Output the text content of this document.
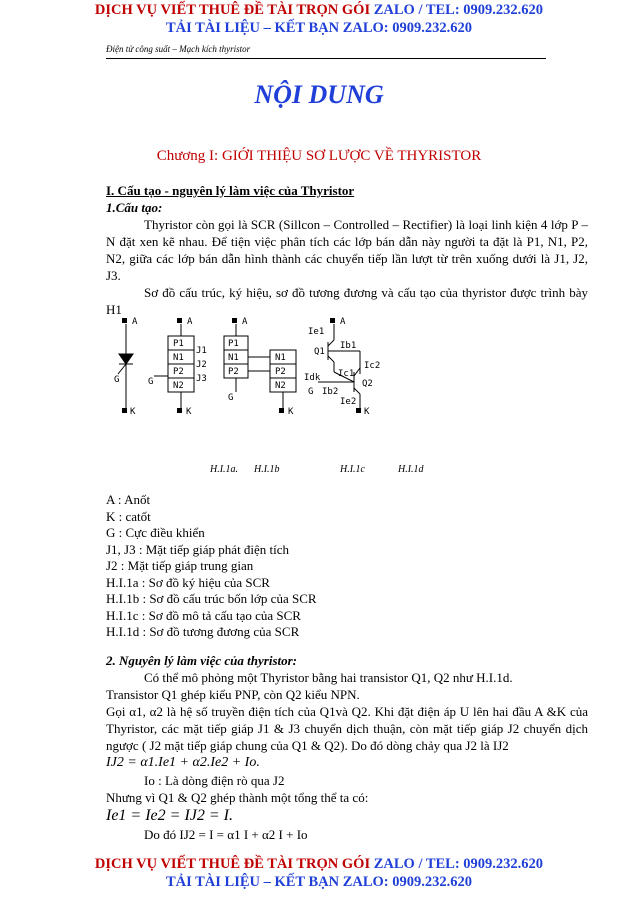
DỊCH VỤ VIẾT THUÊ ĐỀ TÀI TRỌN GÓI ZALO / TEL: 0909.232.620
TẢI TÀI LIỆU – KẾT BẠN ZALO: 0909.232.620
Điện tử công suất – Mạch kích thyristor
NỘI DUNG
Chương I: GIỚI THIỆU SƠ LƯỢC VỀ THYRISTOR
I. Cấu tạo - nguyên lý làm việc của Thyristor
1.Cấu tạo:
Thyristor còn gọi là SCR (Sillcon – Controlled – Rectifier) là loại linh kiện 4 lớp P – N đặt xen kẽ nhau. Để tiện việc phân tích các lớp bán dẫn này người ta đặt là P1, N1, P2, N2, giữa các lớp bán dẫn hình thành các chuyển tiếp lần lượt từ trên xuống dưới là J1, J2, J3.
Sơ đồ cấu trúc, ký hiệu, sơ đồ tương đương và cấu tạo của thyristor được trình bày H1
A
G
K
A
P1
N1
P2
N2
J1
J2
J3
G
K
A
P1
N1
P2
N1
P2
N2
G
K
A
Ie1
Q1
Ib1
Ic2
Ic1
Idk
Q2
G Ib2
Ie2
K
H.I.1a. H.I.1b	H.I.1c	H.I.1d
A : Anốt
K : catốt
G : Cực điều khiển
J1, J3 : Mặt tiếp giáp phát điện tích
J2 : Mặt tiếp giáp trung gian
H.I.1a : Sơ đồ ký hiệu của SCR
H.I.1b : Sơ đồ cấu trúc bốn lớp của SCR
H.I.1c : Sơ đồ mô tả cấu tạo của SCR
H.I.1d : Sơ đồ tương đương của SCR
2. Nguyên lý làm việc của thyristor:
Có thể mô phỏng một Thyristor bằng hai transistor Q1, Q2 như H.I.1d.
Transistor Q1 ghép kiểu PNP, còn Q2 kiểu NPN.
Gọi α1, α2 là hệ số truyền điện tích của Q1và Q2. Khi đặt điện áp U lên hai đầu A &K của Thyristor, các mặt tiếp giáp J1 & J3 chuyển dịch thuận, còn mặt tiếp giáp J2 chuyển dịch ngược ( J2 mặt tiếp giáp chung của Q1 & Q2). Do đó dòng chảy qua J2 là IJ2
IJ2 = α1.Ie1 + α2.Ie2 + Io.
Io : Là dòng điện rò qua J2
Nhưng vì Q1 & Q2 ghép thành một tổng thể ta có:
Ie1 = Ie2 = IJ2 = I.
Do đó IJ2 = I = α1 I + α2 I + Io
DỊCH VỤ VIẾT THUÊ ĐỀ TÀI TRỌN GÓI ZALO / TEL: 0909.232.620
TẢI TÀI LIỆU – KẾT BẠN ZALO: 0909.232.620
